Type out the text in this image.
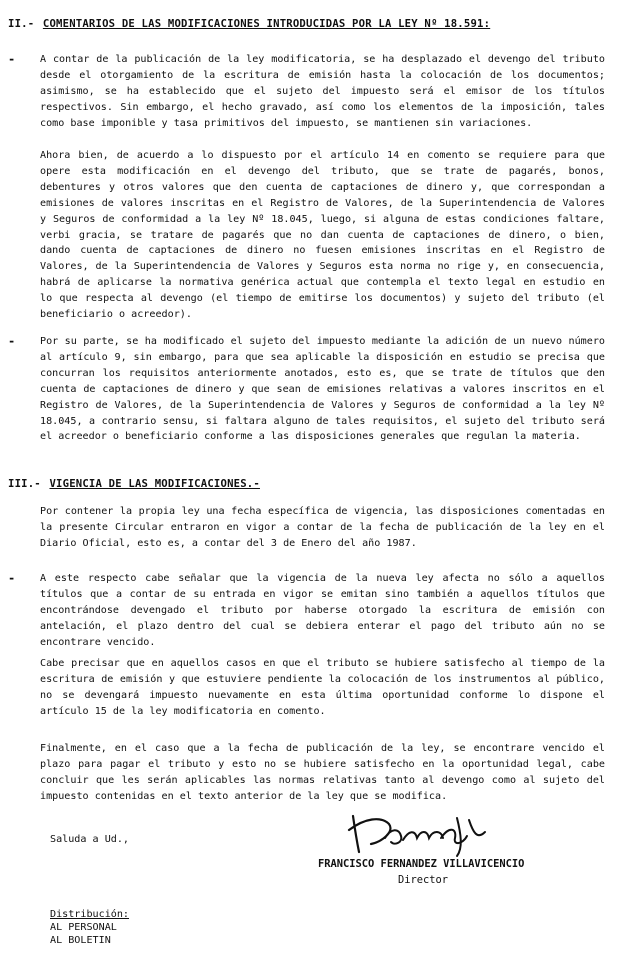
II.- COMENTARIOS DE LAS MODIFICACIONES INTRODUCIDAS POR LA LEY Nº 18.591:
- A contar de la publicación de la ley modificatoria, se ha desplazado el devengo del tributo desde el otorgamiento de la escritura de emisión hasta la colocación de los documentos; asimismo, se ha establecido que el sujeto del impuesto será el emisor de los títulos respectivos. Sin embargo, el hecho gravado, así como los elementos de la imposición, tales como base imponible y tasa primitivos del impuesto, se mantienen sin variaciones.

Ahora bien, de acuerdo a lo dispuesto por el artículo 14 en comento se requiere para que opere esta modificación en el devengo del tributo, que se trate de pagarés, bonos, debentures y otros valores que den cuenta de captaciones de dinero y, que correspondan a emisiones de valores inscritas en el Registro de Valores, de la Superintendencia de Valores y Seguros de conformidad a la ley Nº 18.045, luego, si alguna de estas condiciones faltare, verbi gracia, se tratare de pagarés que no dan cuenta de captaciones de dinero, o bien, dando cuenta de captaciones de dinero no fuesen emisiones inscritas en el Registro de Valores, de la Superintendencia de Valores y Seguros esta norma no rige y, en consecuencia, habrá de aplicarse la normativa genérica actual que contempla el texto legal en estudio en lo que respecta al devengo (el tiempo de emitirse los documentos) y sujeto del tributo (el beneficiario o acreedor).

- Por su parte, se ha modificado el sujeto del impuesto mediante la adición de un nuevo número al artículo 9, sin embargo, para que sea aplicable la disposición en estudio se precisa que concurran los requisitos anteriormente anotados, esto es, que se trate de títulos que den cuenta de captaciones de dinero y que sean de emisiones relativas a valores inscritos en el Registro de Valores, de la Superintendencia de Valores y Seguros de conformidad a la ley Nº 18.045, a contrario sensu, si faltara alguno de tales requisitos, el sujeto del tributo será el acreedor o beneficiario conforme a las disposiciones generales que regulan la materia.

III.- VIGENCIA DE LAS MODIFICACIONES.-

Por contener la propia ley una fecha específica de vigencia, las disposiciones comentadas en la presente Circular entraron en vigor a contar de la fecha de publicación de la ley en el Diario Oficial, esto es, a contar del 3 de Enero del año 1987.

- A este respecto cabe señalar que la vigencia de la nueva ley afecta no sólo a aquellos títulos que a contar de su entrada en vigor se emitan sino también a aquellos títulos que encontrándose devengado el tributo por haberse otorgado la escritura de emisión con antelación, el plazo dentro del cual se debiera enterar el pago del tributo aún no se encontrare vencido.

Cabe precisar que en aquellos casos en que el tributo se hubiere satisfecho al tiempo de la escritura de emisión y que estuviere pendiente la colocación de los instrumentos al público, no se devengará impuesto nuevamente en esta última oportunidad conforme lo dispone el artículo 15 de la ley modificatoria en comento.

Finalmente, en el caso que a la fecha de publicación de la ley, se encontrare vencido el plazo para pagar el tributo y esto no se hubiere satisfecho en la oportunidad legal, cabe concluir que les serán aplicables las normas relativas tanto al devengo como al sujeto del impuesto contenidas en el texto anterior de la ley que se modifica.

Saluda a Ud.,
FRANCISCO FERNANDEZ VILLAVICENCIO
Director
Distribución:
AL PERSONAL
AL BOLETIN
